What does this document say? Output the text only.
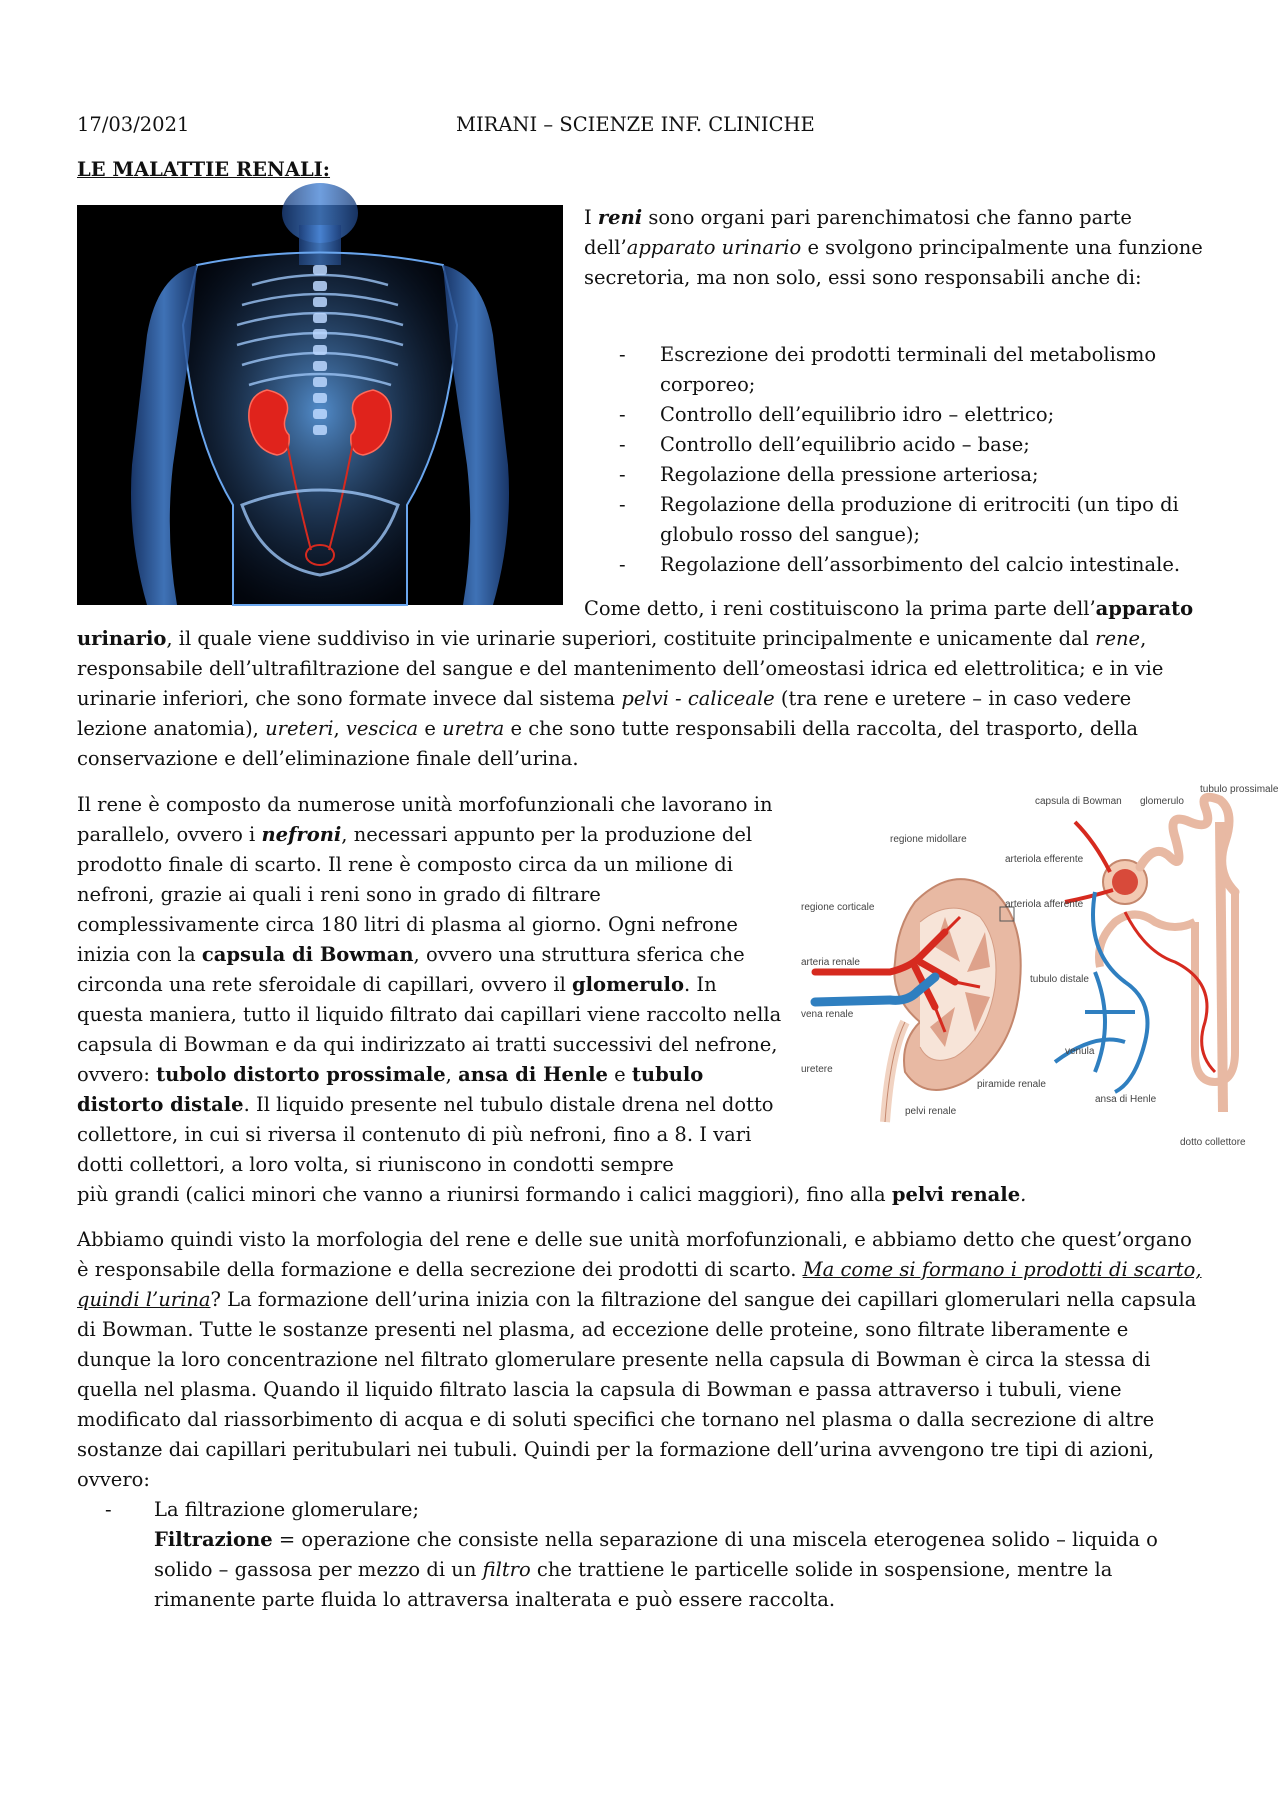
17/03/2021	MIRANI – SCIENZE INF. CLINICHE
LE MALATTIE RENALI:

I reni sono organi pari parenchimatosi che fanno parte dell’apparato urinario e svolgono principalmente una funzione secretoria, ma non solo, essi sono responsabili anche di:

- Escrezione dei prodotti terminali del metabolismo corporeo;
- Controllo dell’equilibrio idro – elettrico;
- Controllo dell’equilibrio acido – base;
- Regolazione della pressione arteriosa;
- Regolazione della produzione di eritrociti (un tipo di globulo rosso del sangue);
- Regolazione dell’assorbimento del calcio intestinale.

Come detto, i reni costituiscono la prima parte dell’apparato urinario, il quale viene suddiviso in vie urinarie superiori, costituite principalmente e unicamente dal rene, responsabile dell’ultrafiltrazione del sangue e del mantenimento dell’omeostasi idrica ed elettrolitica; e in vie urinarie inferiori, che sono formate invece dal sistema pelvi - caliceale (tra rene e uretere – in caso vedere lezione anatomia), ureteri, vescica e uretra e che sono tutte responsabili della raccolta, del trasporto, della conservazione e dell’eliminazione finale dell’urina.

Il rene è composto da numerose unità morfofunzionali che lavorano in parallelo, ovvero i nefroni, necessari appunto per la produzione del prodotto finale di scarto. Il rene è composto circa da un milione di nefroni, grazie ai quali i reni sono in grado di filtrare complessivamente circa 180 litri di plasma al giorno. Ogni nefrone inizia con la capsula di Bowman, ovvero una struttura sferica che circonda una rete sferoidale di capillari, ovvero il glomerulo. In questa maniera, tutto il liquido filtrato dai capillari viene raccolto nella capsula di Bowman e da qui indirizzato ai tratti successivi del nefrone, ovvero: tubolo distorto prossimale, ansa di Henle e tubulo distorto distale. Il liquido presente nel tubulo distale drena nel dotto collettore, in cui si riversa il contenuto di più nefroni, fino a 8. I vari dotti collettori, a loro volta, si riuniscono in condotti sempre

più grandi (calici minori che vanno a riunirsi formando i calici maggiori), fino alla pelvi renale.

regione corticale
regione midollare
arteria renale
vena renale
uretere
pelvi renale
piramide renale
capsula di Bowman glomerulo
tubulo prossimale
arteriola efferente
arteriola afferente
tubulo distale
venula
ansa di Henle
dotto collettore

Abbiamo quindi visto la morfologia del rene e delle sue unità morfofunzionali, e abbiamo detto che quest’organo è responsabile della formazione e della secrezione dei prodotti di scarto. Ma come si formano i prodotti di scarto, quindi l’urina? La formazione dell’urina inizia con la filtrazione del sangue dei capillari glomerulari nella capsula di Bowman. Tutte le sostanze presenti nel plasma, ad eccezione delle proteine, sono filtrate liberamente e dunque la loro concentrazione nel filtrato glomerulare presente nella capsula di Bowman è circa la stessa di quella nel plasma. Quando il liquido filtrato lascia la capsula di Bowman e passa attraverso i tubuli, viene modificato dal riassorbimento di acqua e di soluti specifici che tornano nel plasma o dalla secrezione di altre sostanze dai capillari peritubulari nei tubuli. Quindi per la formazione dell’urina avvengono tre tipi di azioni, ovvero:

- La filtrazione glomerulare;

Filtrazione = operazione che consiste nella separazione di una miscela eterogenea solido – liquida o solido – gassosa per mezzo di un filtro che trattiene le particelle solide in sospensione, mentre la rimanente parte fluida lo attraversa inalterata e può essere raccolta.
